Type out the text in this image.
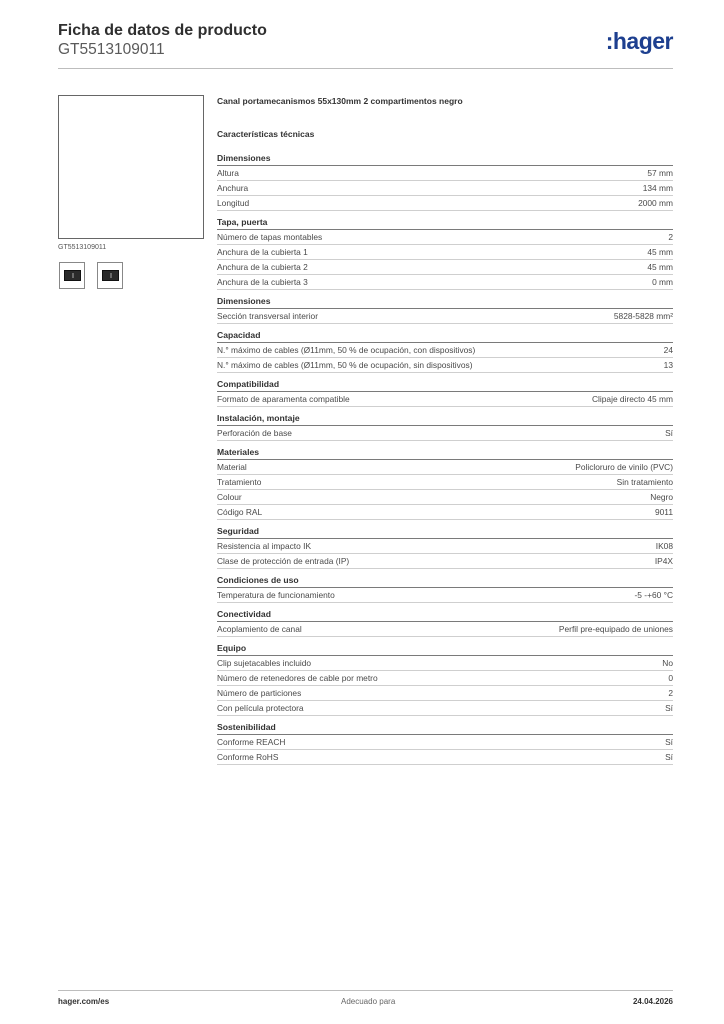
Ficha de datos de producto
GT5513109011	:hager
GT5513109011
Canal portamecanismos 55x130mm 2 compartimentos negro
Características técnicas
Dimensiones
Altura	57 mm
Anchura	134 mm
Longitud	2000 mm
Tapa, puerta
Número de tapas montables	2
Anchura de la cubierta 1	45 mm
Anchura de la cubierta 2	45 mm
Anchura de la cubierta 3	0 mm
Dimensiones
Sección transversal interior	5828-5828 mm²
Capacidad
N.° máximo de cables (Ø11mm, 50 % de ocupación, con dispositivos)	24
N.° máximo de cables (Ø11mm, 50 % de ocupación, sin dispositivos)	13
Compatibilidad
Formato de aparamenta compatible	Clipaje directo 45 mm
Instalación, montaje
Perforación de base	Sí
Materiales
Material	Policloruro de vinilo (PVC)
Tratamiento	Sin tratamiento
Colour	Negro
Código RAL	9011
Seguridad
Resistencia al impacto IK	IK08
Clase de protección de entrada (IP)	IP4X
Condiciones de uso
Temperatura de funcionamiento	-5 -+60 °C
Conectividad
Acoplamiento de canal	Perfil pre-equipado de uniones
Equipo
Clip sujetacables incluido	No
Número de retenedores de cable por metro	0
Número de particiones	2
Con película protectora	Sí
Sostenibilidad
Conforme REACH	Sí
Conforme RoHS	Sí
hager.com/es	Adecuado para	24.04.2026
